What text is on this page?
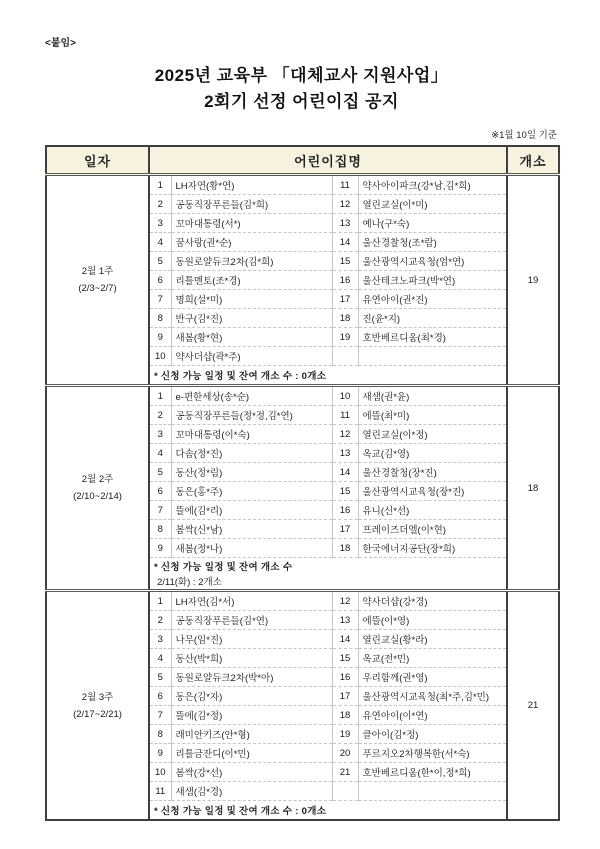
<붙임>
2025년 교육부 「대체교사 지원사업」
2회기 선정 어린이집 공지
※1월 10일 기준
일자	어린이집명				개소

2월 1주
(2/3~2/7)	1	LH자연(황*연)	11	약사아이파크(강*남,김*희)	19
	2	공동직장푸른들(김*희)	12	열린교실(이*미)	
	3	꼬마대통령(서*)	13	예나(구*숙)	
	4	꿈사랑(권*순)	14	울산경찰청(조*람)	
	5	동원로얄듀크2차(김*희)	15	울산광역시교육청(엄*연)	
	6	리틀멘토(조*경)	16	울산테크노파크(박*연)	
	7	명희(설*미)	17	유연아이(권*진)	
	8	반구(김*진)	18	진(윤*지)	
	9	새봄(황*현)	19	호반베르디움(최*경)	
	10	약사더샵(곽*주)			

	* 신청 가능 일정 및 잔여 개소 수 : 0개소				

2월 2주
(2/10~2/14)	1	e-편한세상(송*순)	10	새샘(권*윤)	18
	2	공동직장푸른들(정*정,김*연)	11	에뜰(최*미)	
	3	꼬마대통령(이*숙)	12	열린교실(이*정)	
	4	다솜(정*진)	13	옥교(김*영)	
	5	동산(정*림)	14	울산경찰청(장*진)	
	6	동은(홍*주)	15	울산광역시교육청(장*진)	
	7	뜰에(김*리)	16	유니(신*선)	
	8	봄싹(신*남)	17	프레이즈더엘(이*현)	
	9	새봄(정*나)	18	한국에너지공단(장*희)	

	* 신청 가능 일정 및 잔여 개소 수
2/11(화) : 2개소				

2월 3주
(2/17~2/21)	1	LH자연(김*서)	12	약사더샵(강*경)	21
	2	공동직장푸른들(김*연)	13	에뜰(이*영)	
	3	나무(임*진)	14	열린교실(황*라)	
	4	동산(박*희)	15	옥교(전*민)	
	5	동원로얄듀크2차(박*아)	16	우리함께(권*영)	
	6	동은(김*자)	17	울산광역시교육청(최*주,김*민)	
	7	뜰에(김*정)	18	유연아이(이*연)	
	8	래미안키즈(안*형)	19	클아이(김*정)	
	9	리틀금잔디(이*민)	20	푸르지오2차행복한(서*숙)	
	10	봄싹(강*선)	21	호반베르디움(한*이,정*희)	
	11	새샘(김*경)			

	* 신청 가능 일정 및 잔여 개소 수 : 0개소				
